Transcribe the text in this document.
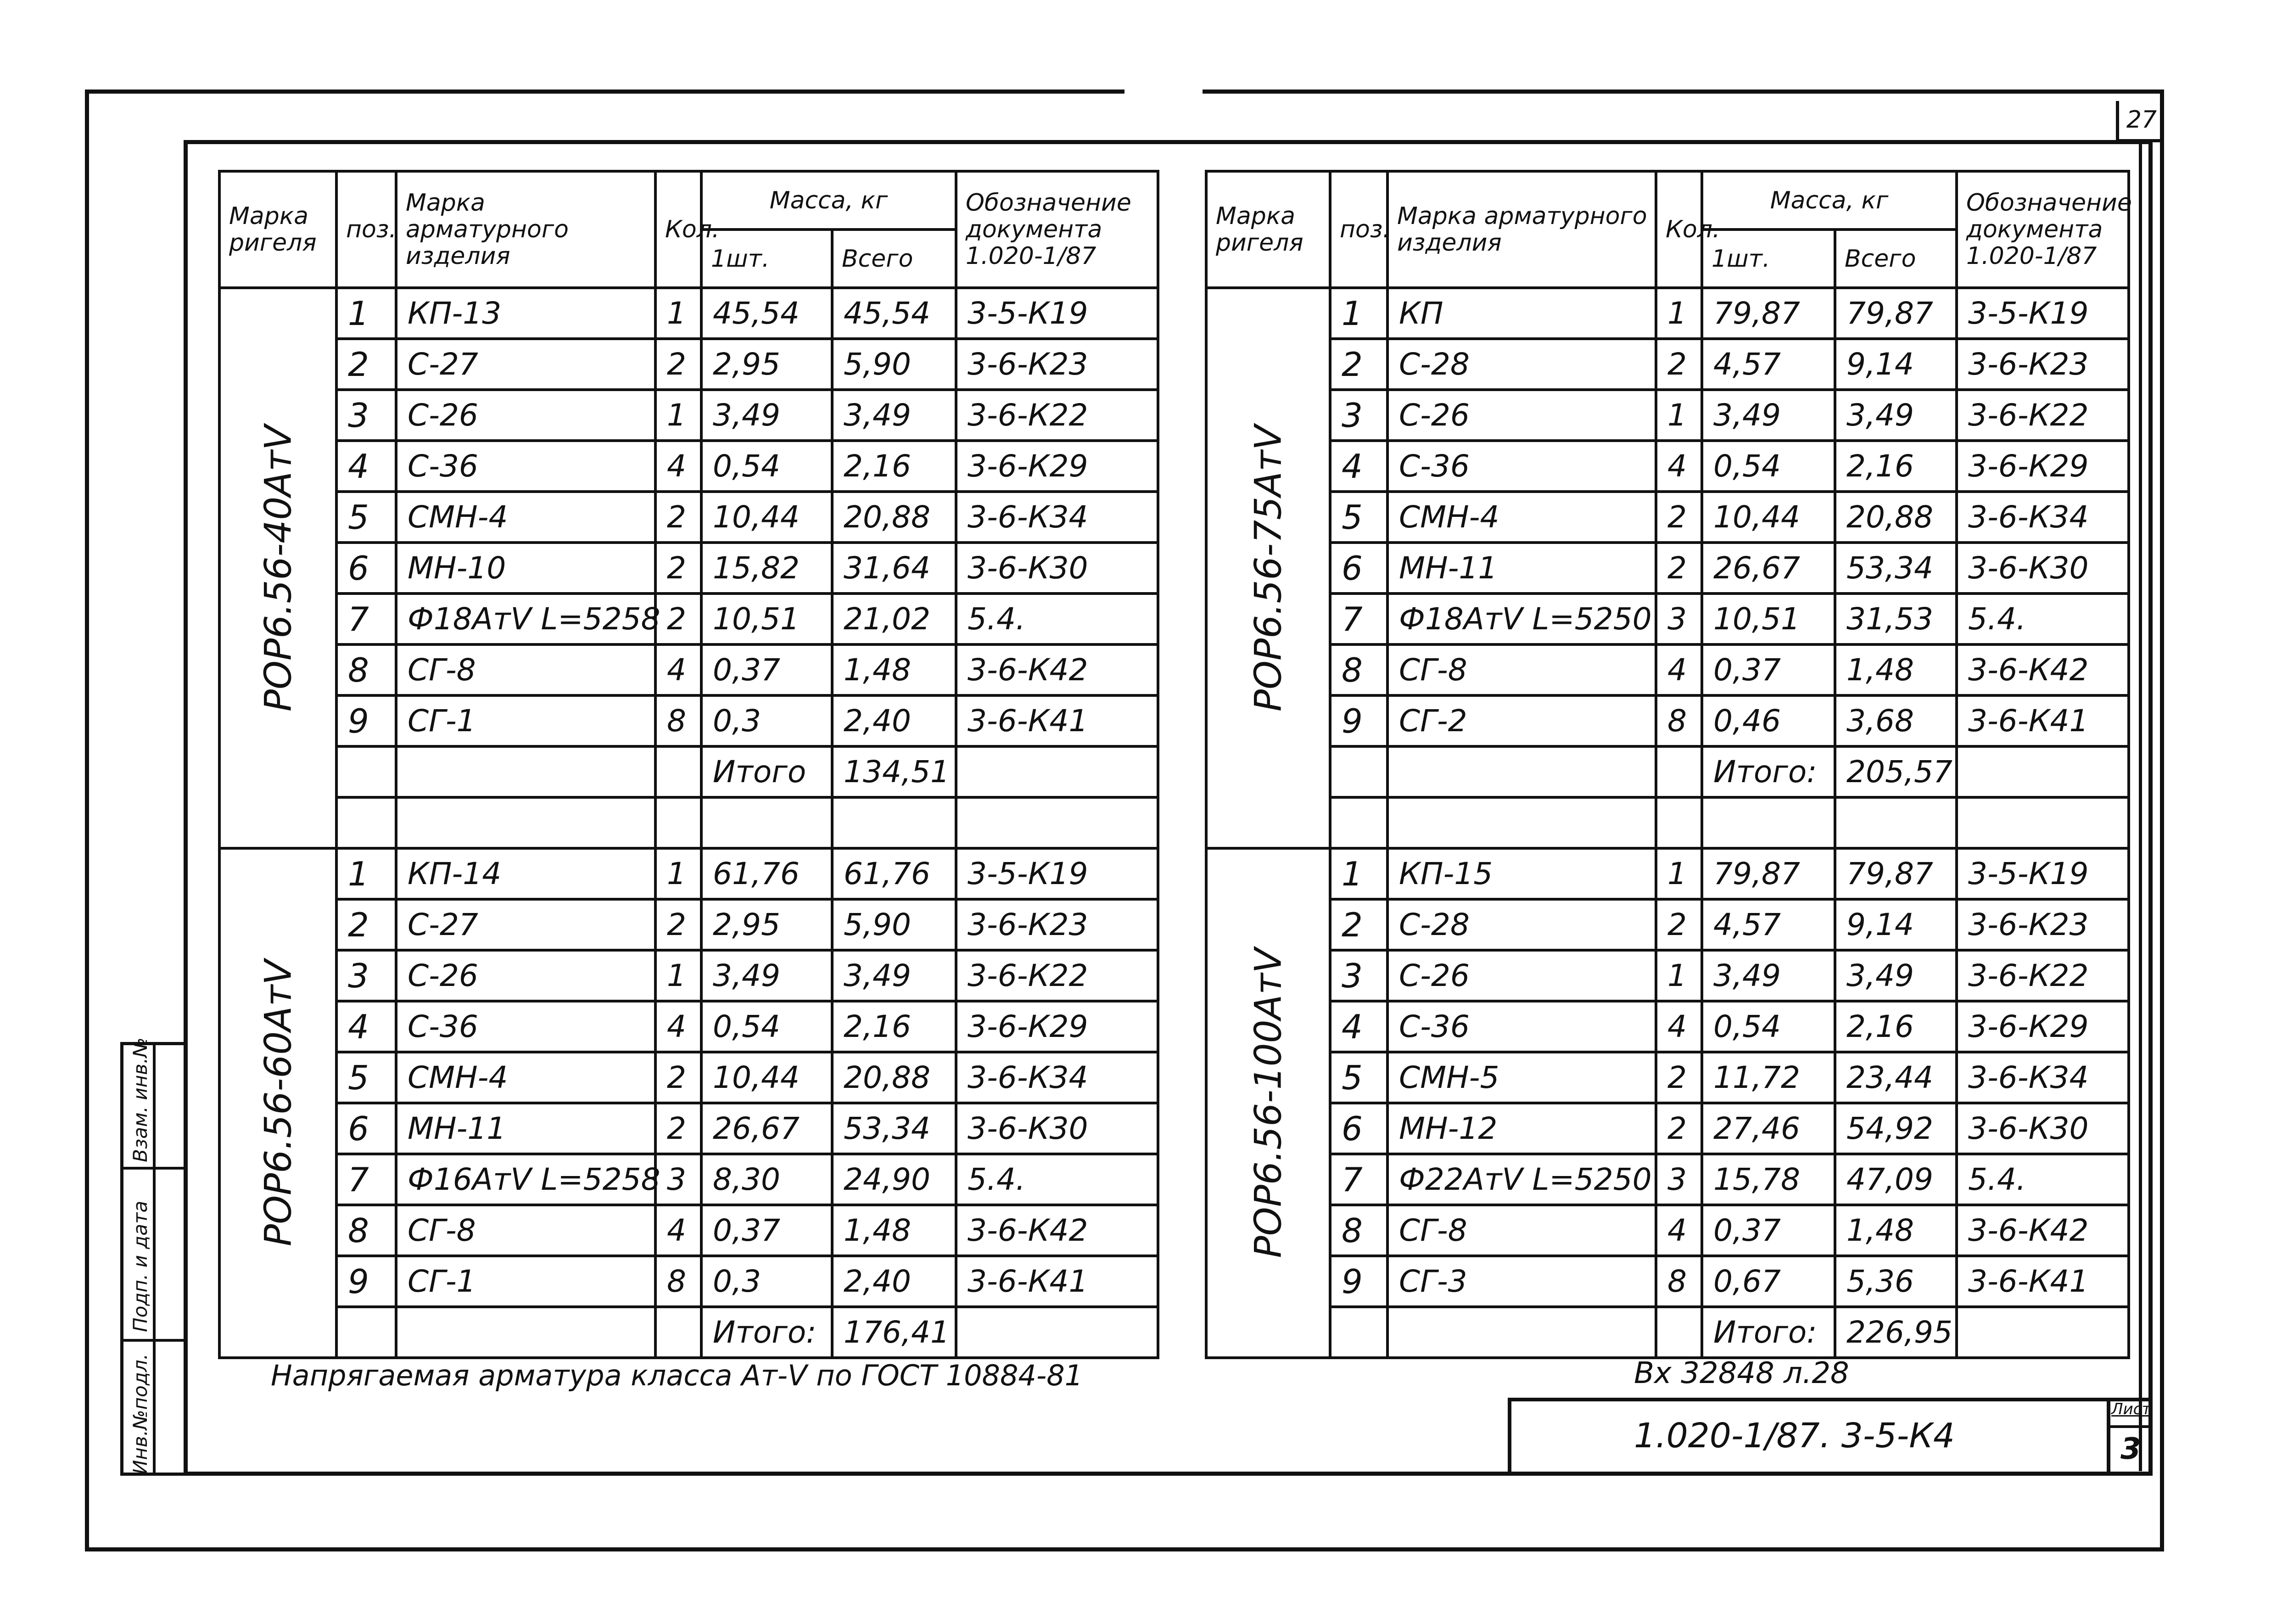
27
Марка ригеля	поз.	Марка арматурного изделия	Кол.	Масса, кг		Обозначение документа 1.020-1/87
				1шт.	Всего	

РОР6.56-40АтV	1	КП-13	1	45,54	45,54	3-5-К19
	2	С-27	2	2,95	5,90	3-6-К23
	3	С-26	1	3,49	3,49	3-6-К22
	4	С-36	4	0,54	2,16	3-6-К29
	5	СМН-4	2	10,44	20,88	3-6-К34
	6	МН-10	2	15,82	31,64	3-6-К30
	7	Ф18АтV L=5258	2	10,51	21,02	5.4.
	8	СГ-8	4	0,37	1,48	3-6-К42
	9	СГ-1	8	0,3	2,40	3-6-К41
				Итого	134,51	

РОР6.56-60АтV	1	КП-14	1	61,76	61,76	3-5-К19
	2	С-27	2	2,95	5,90	3-6-К23
	3	С-26	1	3,49	3,49	3-6-К22
	4	С-36	4	0,54	2,16	3-6-К29
	5	СМН-4	2	10,44	20,88	3-6-К34
	6	МН-11	2	26,67	53,34	3-6-К30
	7	Ф16АтV L=5258	3	8,30	24,90	5.4.
	8	СГ-8	4	0,37	1,48	3-6-К42
	9	СГ-1	8	0,3	2,40	3-6-К41
				Итого:	176,41	
Марка ригеля	поз.	Марка арматурного изделия	Кол.	Масса, кг		Обозначение документа 1.020-1/87
				1шт.	Всего	

РОР6.56-75АтV	1	КП	1	79,87	79,87	3-5-К19
	2	С-28	2	4,57	9,14	3-6-К23
	3	С-26	1	3,49	3,49	3-6-К22
	4	С-36	4	0,54	2,16	3-6-К29
	5	СМН-4	2	10,44	20,88	3-6-К34
	6	МН-11	2	26,67	53,34	3-6-К30
	7	Ф18АтV L=5250	3	10,51	31,53	5.4.
	8	СГ-8	4	0,37	1,48	3-6-К42
	9	СГ-2	8	0,46	3,68	3-6-К41
				Итого:	205,57	

РОР6.56-100АтV	1	КП-15	1	79,87	79,87	3-5-К19
	2	С-28	2	4,57	9,14	3-6-К23
	3	С-26	1	3,49	3,49	3-6-К22
	4	С-36	4	0,54	2,16	3-6-К29
	5	СМН-5	2	11,72	23,44	3-6-К34
	6	МН-12	2	27,46	54,92	3-6-К30
	7	Ф22АтV L=5250	3	15,78	47,09	5.4.
	8	СГ-8	4	0,37	1,48	3-6-К42
	9	СГ-3	8	0,67	5,36	3-6-К41
				Итого:	226,95	
Инв.№подл.
Подп. и дата
Взам. инв.№
Напрягаемая арматура класса Ат-V по ГОСТ 10884-81	Вх 32848 л.28
1.020-1/87. 3-5-К4
Лист
3
